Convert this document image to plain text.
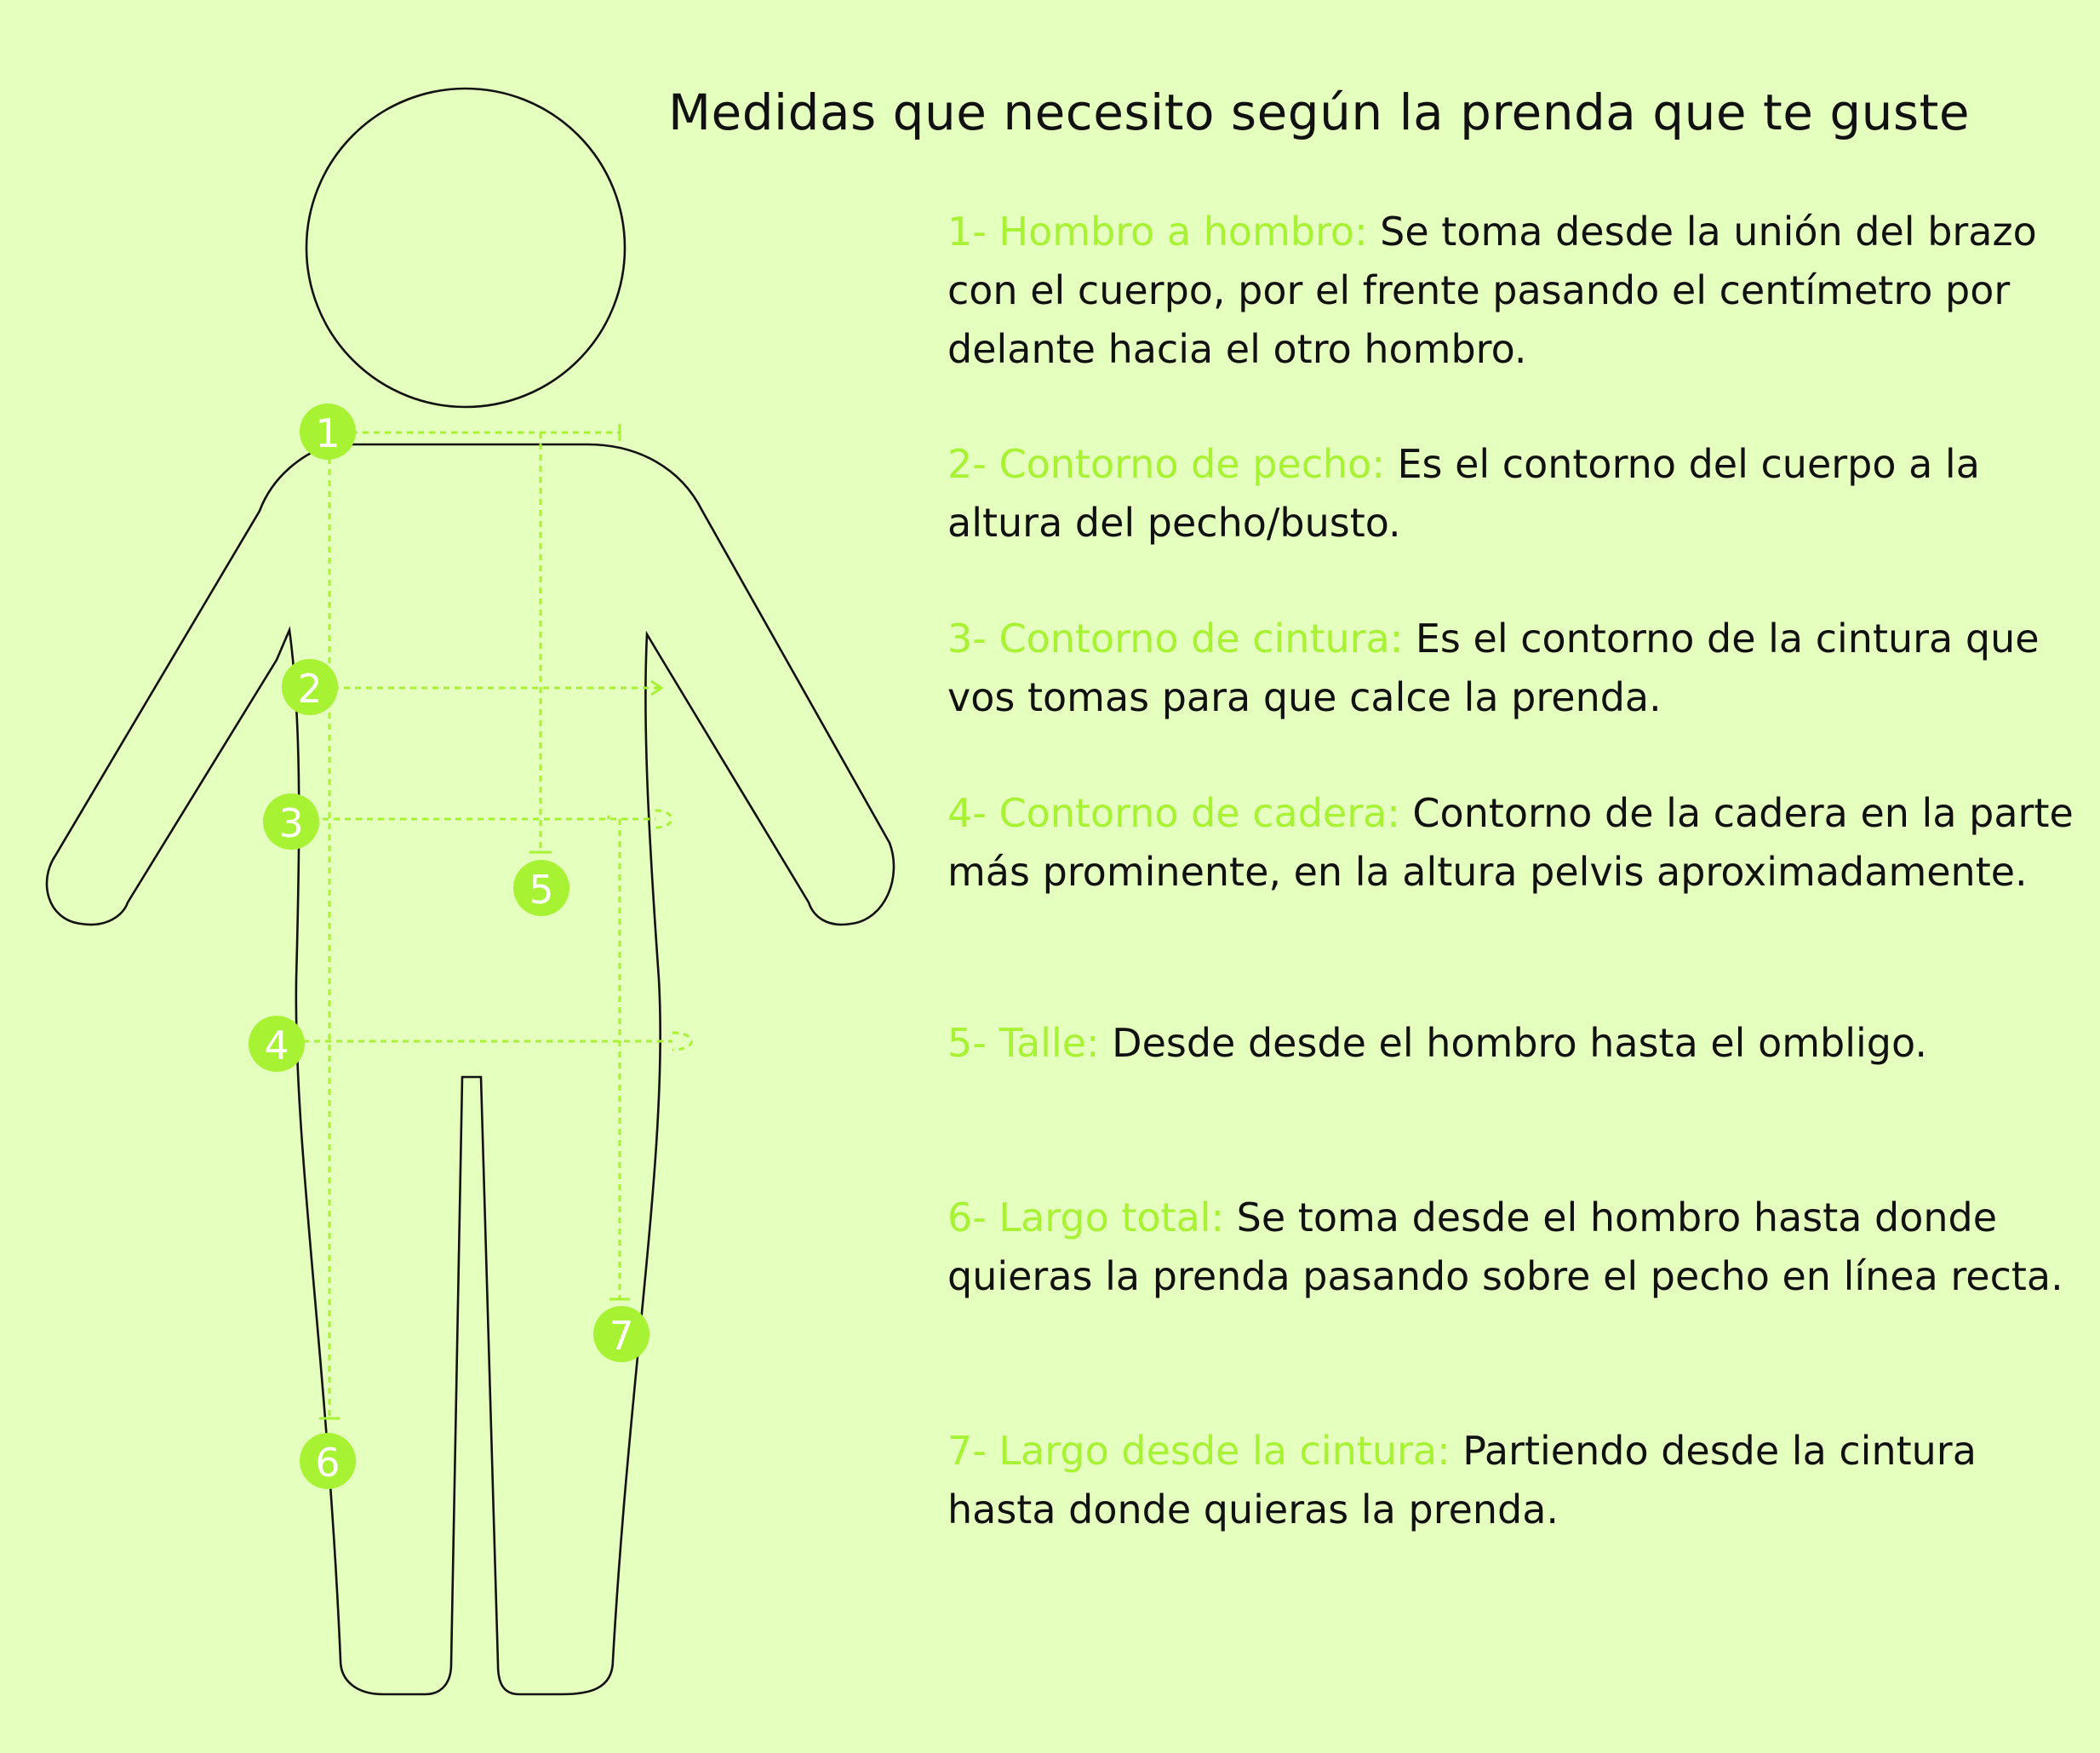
1
2
3
4
5
6
7
Medidas que necesito según la prenda que te guste
1- Hombro a hombro: Se toma desde la unión del brazo con el cuerpo, por el frente pasando el centímetro por delante hacia el otro hombro.
2- Contorno de pecho: Es el contorno del cuerpo a la altura del pecho/busto.
3- Contorno de cintura: Es el contorno de la cintura que vos tomas para que calce la prenda.
4- Contorno de cadera: Contorno de la cadera en la parte más prominente, en la altura pelvis aproximadamente.
5- Talle: Desde desde el hombro hasta el ombligo.
6- Largo total: Se toma desde el hombro hasta donde quieras la prenda pasando sobre el pecho en línea recta.
7- Largo desde la cintura: Partiendo desde la cintura hasta donde quieras la prenda.
